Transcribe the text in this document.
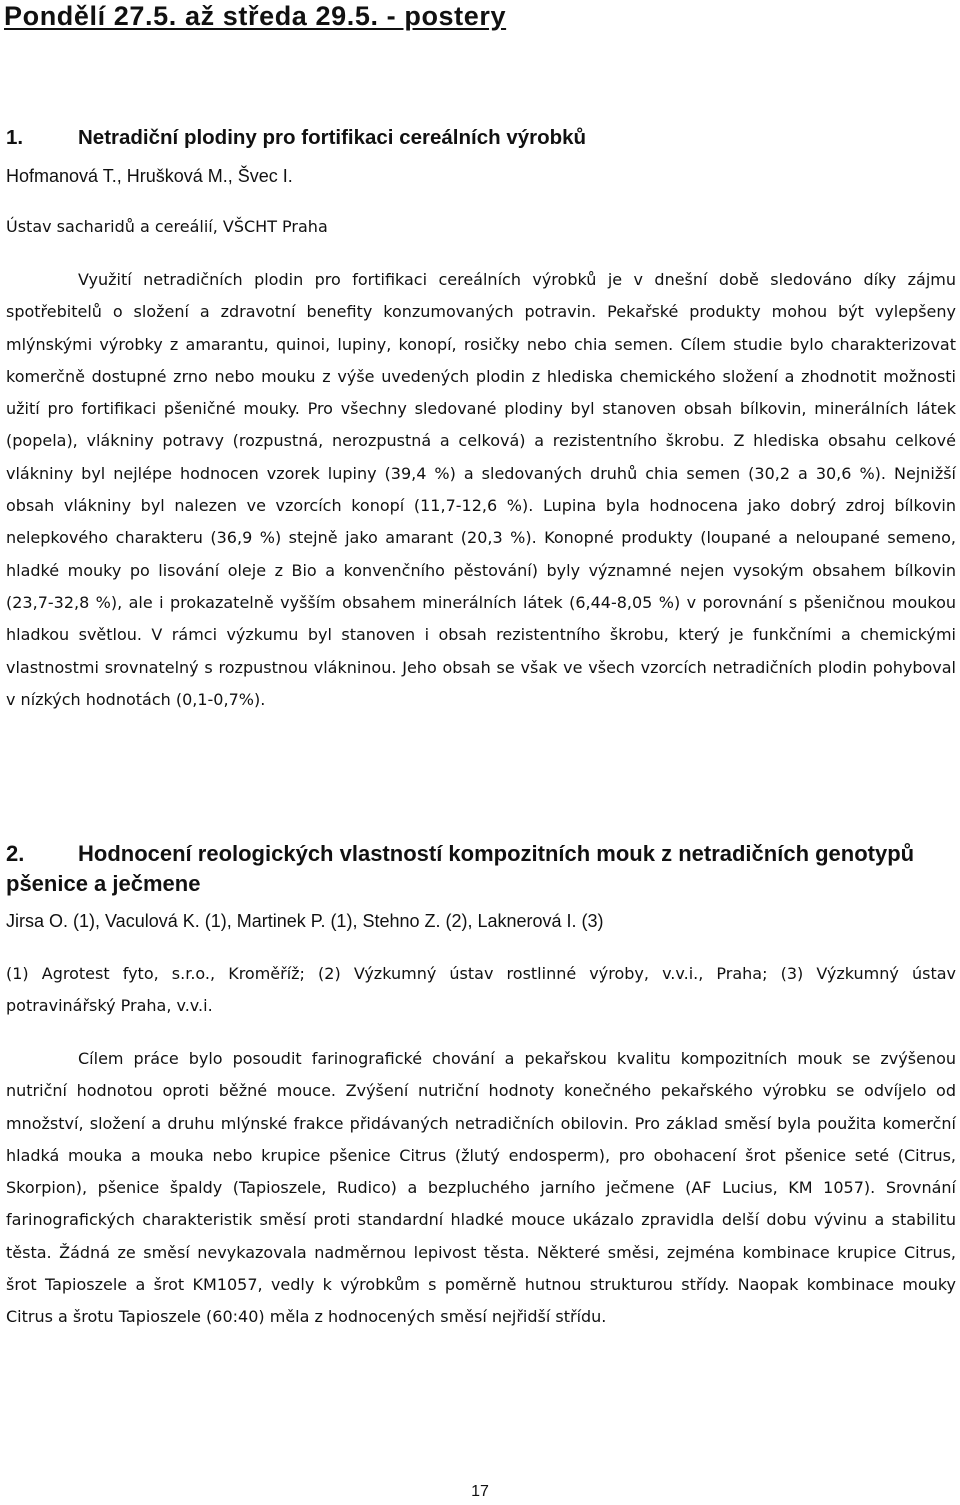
Pondělí 27.5. až středa 29.5. - postery
1.	Netradiční plodiny pro fortifikaci cereálních výrobků

Hofmanová T., Hrušková M., Švec I.

Ústav sacharidů a cereálií, VŠCHT Praha

Využití netradičních plodin pro fortifikaci cereálních výrobků je v dnešní době sledováno díky zájmu spotřebitelů o složení a zdravotní benefity konzumovaných potravin. Pekařské produkty mohou být vylepšeny mlýnskými výrobky z amarantu, quinoi, lupiny, konopí, rosičky nebo chia semen. Cílem studie bylo charakterizovat komerčně dostupné zrno nebo mouku z výše uvedených plodin z hlediska chemického složení a zhodnotit možnosti užití pro fortifikaci pšeničné mouky. Pro všechny sledované plodiny byl stanoven obsah bílkovin, minerálních látek (popela), vlákniny potravy (rozpustná, nerozpustná a celková) a rezistentního škrobu. Z hlediska obsahu celkové vlákniny byl nejlépe hodnocen vzorek lupiny (39,4 %) a sledovaných druhů chia semen (30,2 a 30,6 %). Nejnižší obsah vlákniny byl nalezen ve vzorcích konopí (11,7-12,6 %). Lupina byla hodnocena jako dobrý zdroj bílkovin nelepkového charakteru (36,9 %) stejně jako amarant (20,3 %). Konopné produkty (loupané a neloupané semeno, hladké mouky po lisování oleje z Bio a konvenčního pěstování) byly významné nejen vysokým obsahem bílkovin (23,7-32,8 %), ale i prokazatelně vyšším obsahem minerálních látek (6,44-8,05 %) v porovnání s pšeničnou moukou hladkou světlou. V rámci výzkumu byl stanoven i obsah rezistentního škrobu, který je funkčními a chemickými vlastnostmi srovnatelný s rozpustnou vlákninou. Jeho obsah se však ve všech vzorcích netradičních plodin pohyboval v nízkých hodnotách (0,1-0,7%).

2. Hodnocení reologických vlastností kompozitních mouk z netradičních genotypů pšenice a ječmene

Jirsa O. (1), Vaculová K. (1), Martinek P. (1), Stehno Z. (2), Laknerová I. (3)

(1) Agrotest fyto, s.r.o., Kroměříž; (2) Výzkumný ústav rostlinné výroby, v.v.i., Praha; (3) Výzkumný ústav potravinářský Praha, v.v.i.

Cílem práce bylo posoudit farinografické chování a pekařskou kvalitu kompozitních mouk se zvýšenou nutriční hodnotou oproti běžné mouce. Zvýšení nutriční hodnoty konečného pekařského výrobku se odvíjelo od množství, složení a druhu mlýnské frakce přidávaných netradičních obilovin. Pro základ směsí byla použita komerční hladká mouka a mouka nebo krupice pšenice Citrus (žlutý endosperm), pro obohacení šrot pšenice seté (Citrus, Skorpion), pšenice špaldy (Tapioszele, Rudico) a bezpluchého jarního ječmene (AF Lucius, KM 1057). Srovnání farinografických charakteristik směsí proti standardní hladké mouce ukázalo zpravidla delší dobu vývinu a stabilitu těsta. Žádná ze směsí nevykazovala nadměrnou lepivost těsta. Některé směsi, zejména kombinace krupice Citrus, šrot Tapioszele a šrot KM1057, vedly k výrobkům s poměrně hutnou strukturou střídy. Naopak kombinace mouky Citrus a šrotu Tapioszele (60:40) měla z hodnocených směsí nejřidší střídu.

17
